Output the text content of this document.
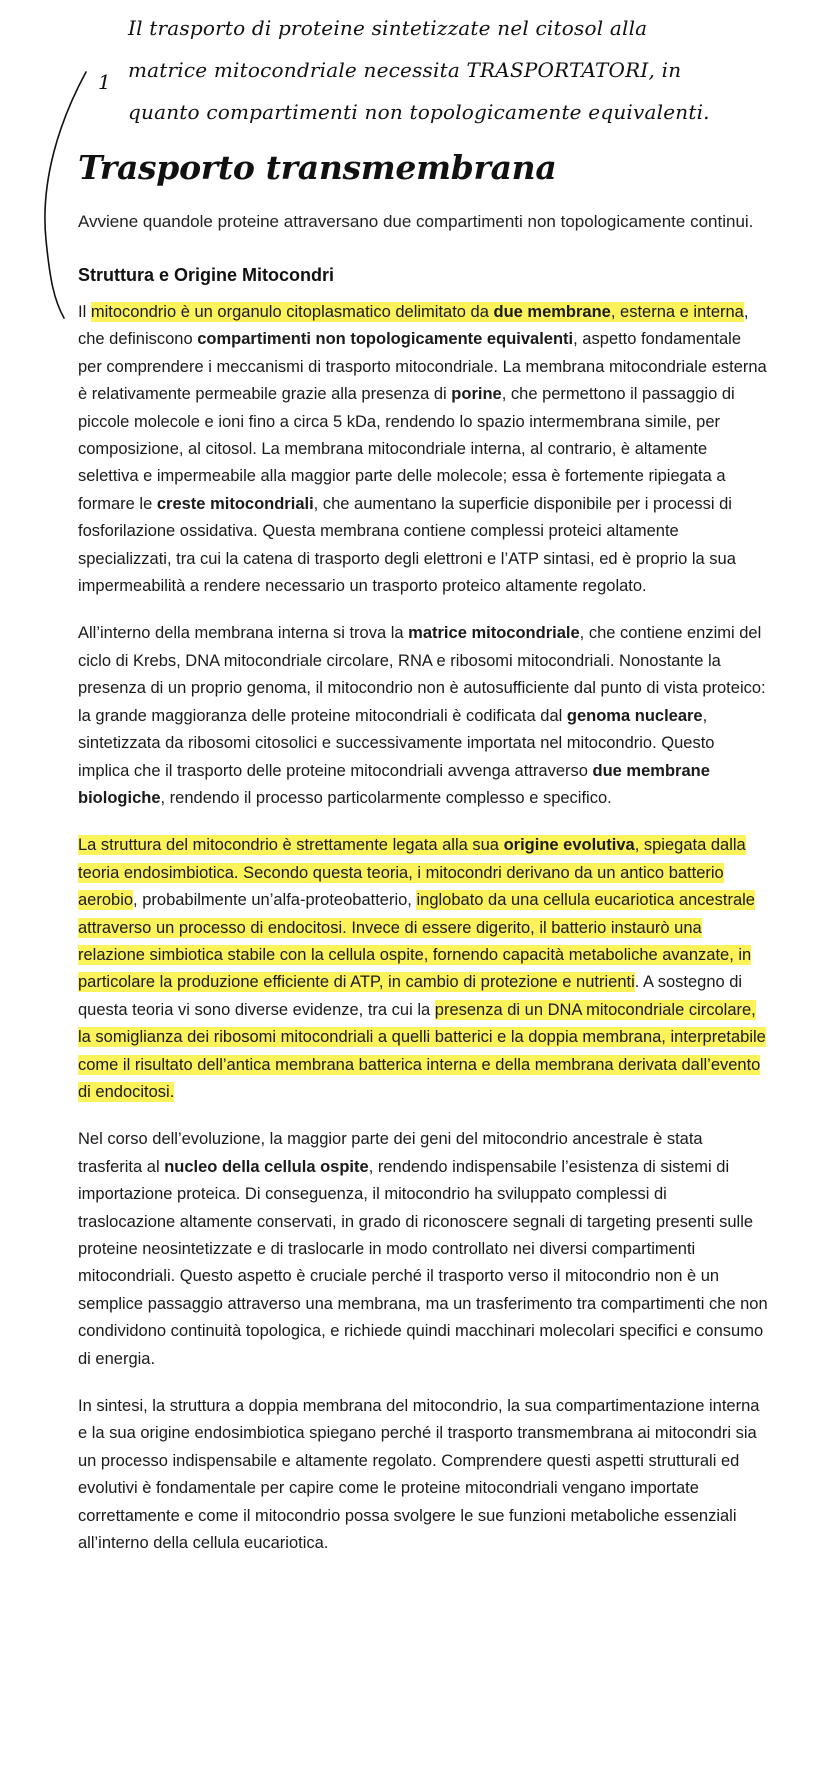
Il trasporto di proteine sintetizzate nel citosol alla
matrice mitocondriale necessita TRASPORTATORI, in
quanto compartimenti non topologicamente equivalenti.
1
Trasporto transmembrana

Avviene quandole proteine attraversano due compartimenti non topologicamente continui.

Struttura e Origine Mitocondri

Il mitocondrio è un organulo citoplasmatico delimitato da due membrane, esterna e interna, che definiscono compartimenti non topologicamente equivalenti, aspetto fondamentale per comprendere i meccanismi di trasporto mitocondriale. La membrana mitocondriale esterna è relativamente permeabile grazie alla presenza di porine, che permettono il passaggio di piccole molecole e ioni fino a circa 5 kDa, rendendo lo spazio intermembrana simile, per composizione, al citosol. La membrana mitocondriale interna, al contrario, è altamente selettiva e impermeabile alla maggior parte delle molecole; essa è fortemente ripiegata a formare le creste mitocondriali, che aumentano la superficie disponibile per i processi di fosforilazione ossidativa. Questa membrana contiene complessi proteici altamente specializzati, tra cui la catena di trasporto degli elettroni e l’ATP sintasi, ed è proprio la sua impermeabilità a rendere necessario un trasporto proteico altamente regolato.

All’interno della membrana interna si trova la matrice mitocondriale, che contiene enzimi del ciclo di Krebs, DNA mitocondriale circolare, RNA e ribosomi mitocondriali. Nonostante la presenza di un proprio genoma, il mitocondrio non è autosufficiente dal punto di vista proteico: la grande maggioranza delle proteine mitocondriali è codificata dal genoma nucleare, sintetizzata da ribosomi citosolici e successivamente importata nel mitocondrio. Questo implica che il trasporto delle proteine mitocondriali avvenga attraverso due membrane biologiche, rendendo il processo particolarmente complesso e specifico.

La struttura del mitocondrio è strettamente legata alla sua origine evolutiva, spiegata dalla teoria endosimbiotica. Secondo questa teoria, i mitocondri derivano da un antico batterio aerobio, probabilmente un’alfa-proteobatterio, inglobato da una cellula eucariotica ancestrale attraverso un processo di endocitosi. Invece di essere digerito, il batterio instaurò una relazione simbiotica stabile con la cellula ospite, fornendo capacità metaboliche avanzate, in particolare la produzione efficiente di ATP, in cambio di protezione e nutrienti. A sostegno di questa teoria vi sono diverse evidenze, tra cui la presenza di un DNA mitocondriale circolare, la somiglianza dei ribosomi mitocondriali a quelli batterici e la doppia membrana, interpretabile come il risultato dell’antica membrana batterica interna e della membrana derivata dall’evento di endocitosi.

Nel corso dell’evoluzione, la maggior parte dei geni del mitocondrio ancestrale è stata trasferita al nucleo della cellula ospite, rendendo indispensabile l’esistenza di sistemi di importazione proteica. Di conseguenza, il mitocondrio ha sviluppato complessi di traslocazione altamente conservati, in grado di riconoscere segnali di targeting presenti sulle proteine neosintetizzate e di traslocarle in modo controllato nei diversi compartimenti mitocondriali. Questo aspetto è cruciale perché il trasporto verso il mitocondrio non è un semplice passaggio attraverso una membrana, ma un trasferimento tra compartimenti che non condividono continuità topologica, e richiede quindi macchinari molecolari specifici e consumo di energia.

In sintesi, la struttura a doppia membrana del mitocondrio, la sua compartimentazione interna e la sua origine endosimbiotica spiegano perché il trasporto transmembrana ai mitocondri sia un processo indispensabile e altamente regolato. Comprendere questi aspetti strutturali ed evolutivi è fondamentale per capire come le proteine mitocondriali vengano importate correttamente e come il mitocondrio possa svolgere le sue funzioni metaboliche essenziali all’interno della cellula eucariotica.
